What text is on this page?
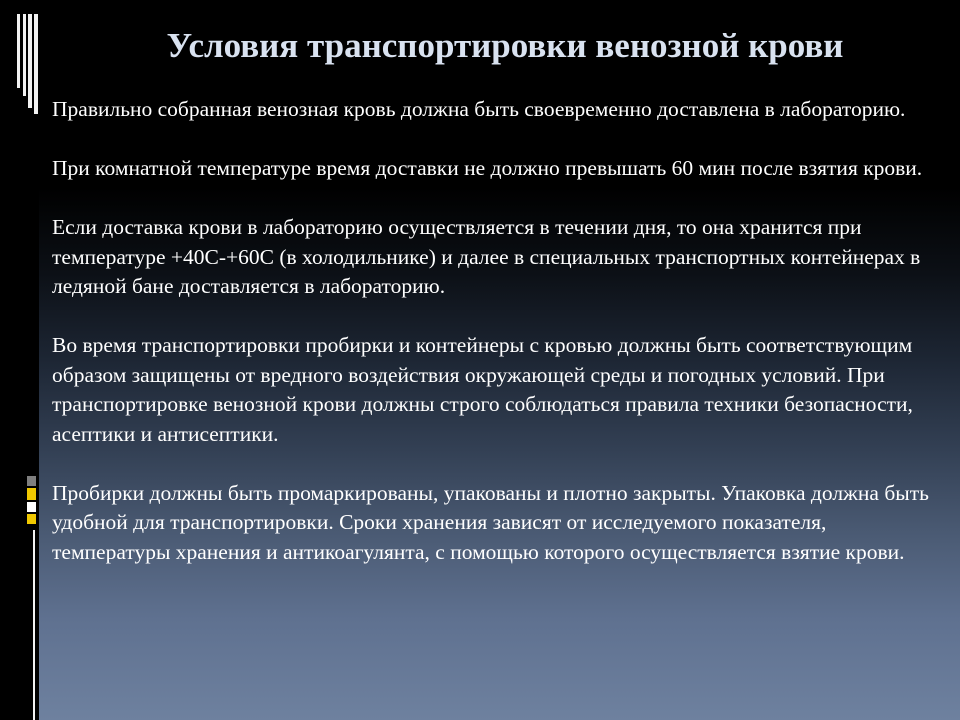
Условия транспортировки венозной крови

Правильно собранная венозная кровь должна быть своевременно доставлена в лабораторию.

При комнатной температуре время доставки не должно превышать 60 мин после взятия крови.

Если доставка крови в лабораторию осуществляется в течении дня, то она хранится при температуре +40С-+60С (в холодильнике) и далее в специальных транспортных контейнерах в ледяной бане доставляется в лабораторию.

Во время транспортировки пробирки и контейнеры с кровью должны быть соответствующим образом защищены от вредного воздействия окружающей среды и погодных условий. При транспортировке венозной крови должны строго соблюдаться правила техники безопасности, асептики и антисептики.

Пробирки должны быть промаркированы, упакованы и плотно закрыты. Упаковка должна быть удобной для транспортировки. Сроки хранения зависят от исследуемого показателя, температуры хранения и антикоагулянта, с помощью которого осуществляется взятие крови.
